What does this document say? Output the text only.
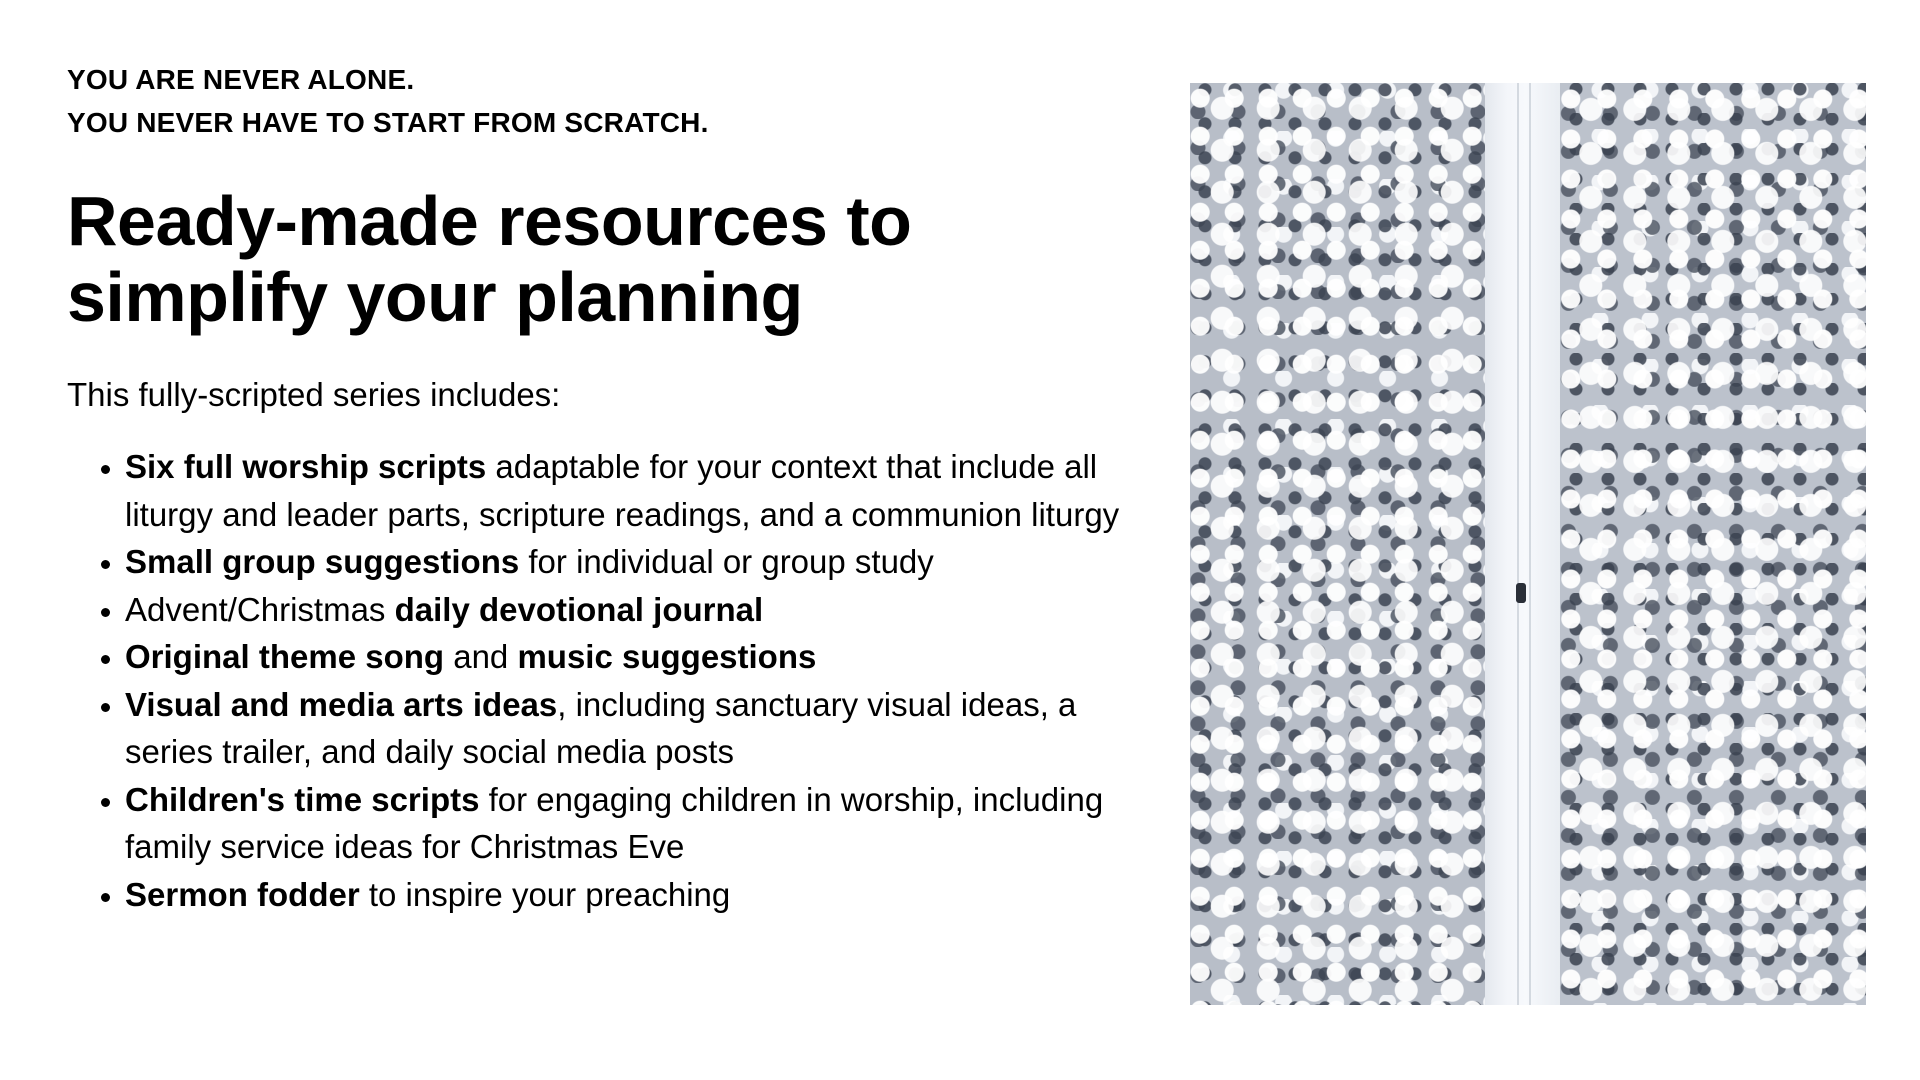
YOU ARE NEVER ALONE.
YOU NEVER HAVE TO START FROM SCRATCH.
Ready-made resources to
simplify your planning
This fully-scripted series includes:
• Six full worship scripts adaptable for your context that include all liturgy and leader parts, scripture readings, and a communion liturgy
• Small group suggestions for individual or group study
• Advent/Christmas daily devotional journal
• Original theme song and music suggestions
• Visual and media arts ideas, including sanctuary visual ideas, a series trailer, and daily social media posts
• Children's time scripts for engaging children in worship, including family service ideas for Christmas Eve
• Sermon fodder to inspire your preaching
